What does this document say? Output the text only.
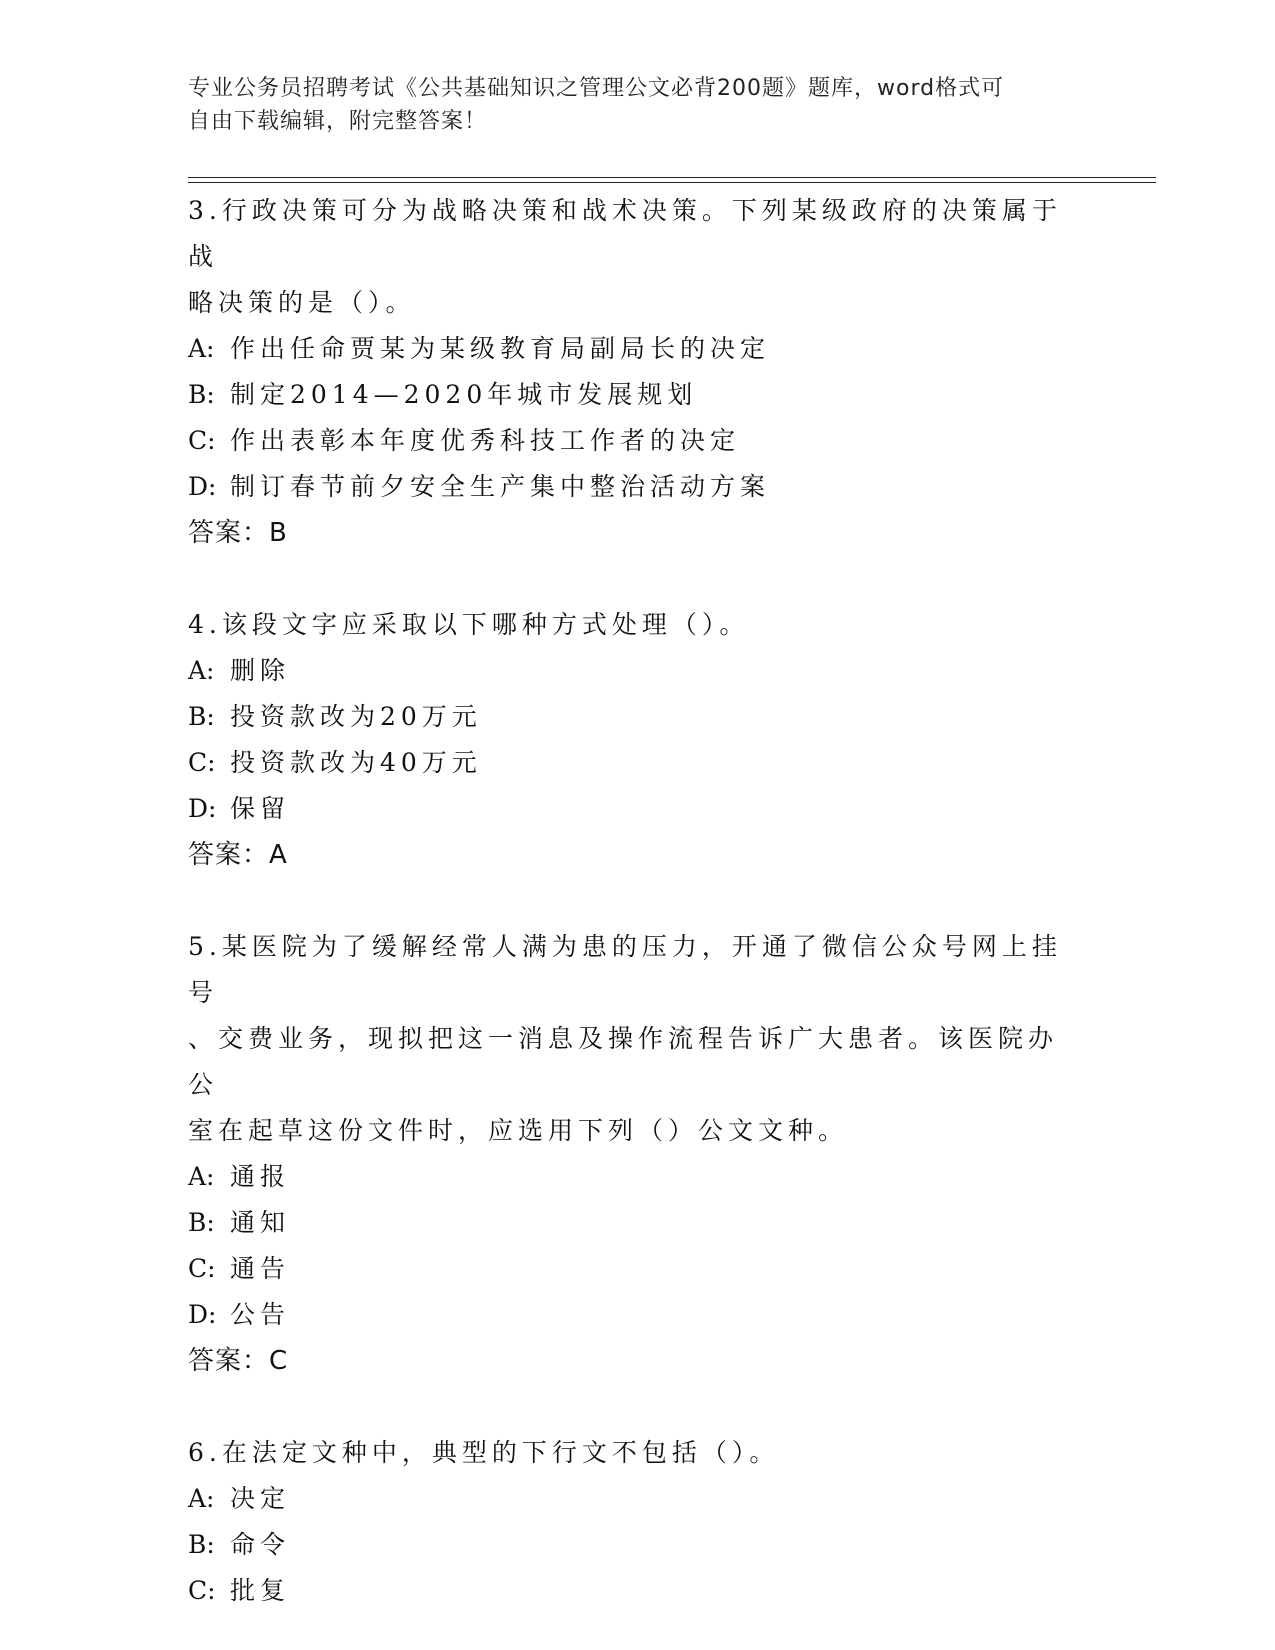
专业公务员招聘考试《公共基础知识之管理公文必背200题》题库，word格式可
自由下载编辑，附完整答案！
3.行政决策可分为战略决策和战术决策。下列某级政府的决策属于战
略决策的是（）。
A: 作出任命贾某为某级教育局副局长的决定
B: 制定2014—2020年城市发展规划
C: 作出表彰本年度优秀科技工作者的决定
D: 制订春节前夕安全生产集中整治活动方案
答案：B
4.该段文字应采取以下哪种方式处理（）。
A: 删除
B: 投资款改为20万元
C: 投资款改为40万元
D: 保留
答案：A
5.某医院为了缓解经常人满为患的压力，开通了微信公众号网上挂号
、交费业务，现拟把这一消息及操作流程告诉广大患者。该医院办公
室在起草这份文件时，应选用下列（）公文文种。
A: 通报
B: 通知
C: 通告
D: 公告
答案：C
6.在法定文种中，典型的下行文不包括（）。
A: 决定
B: 命令
C: 批复
